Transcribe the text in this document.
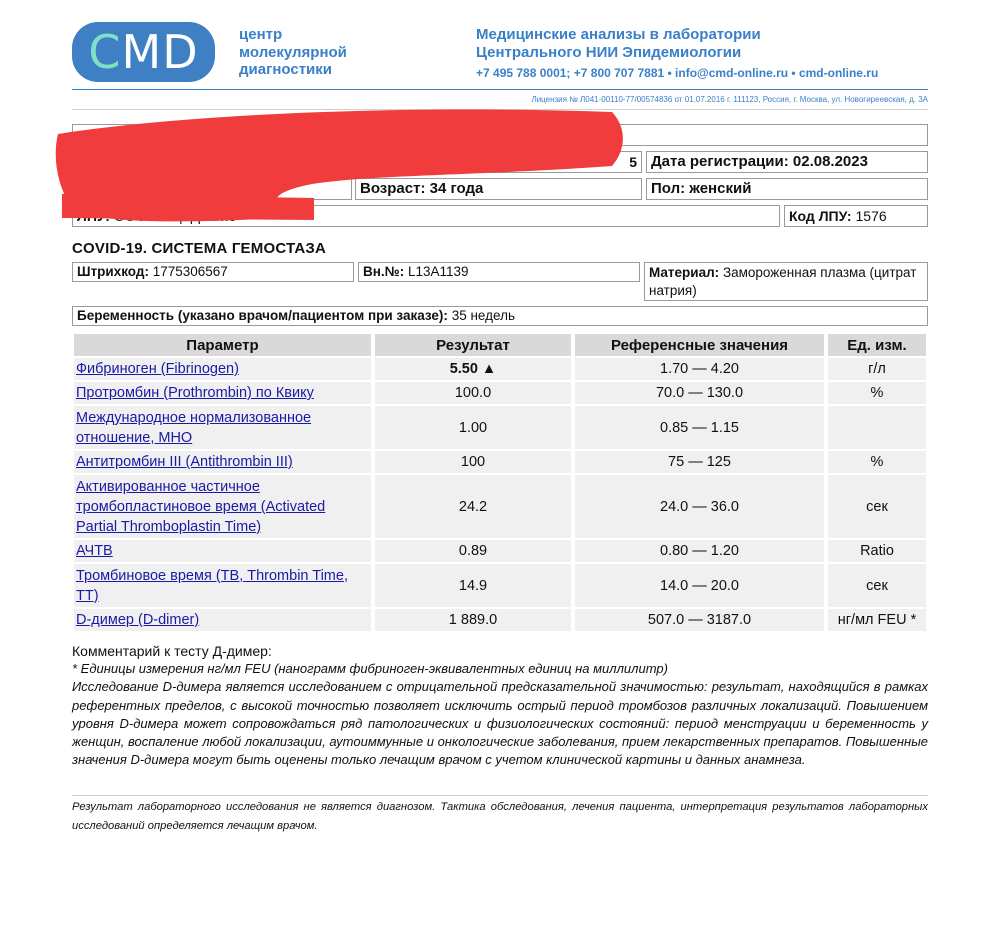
CMD	центр
молекулярной
диагностики
Медицинские анализы в лаборатории
Центрального НИИ Эпидемиологии
+7 495 788 0001; +7 800 707 7881 • info@cmd-online.ru • cmd-online.ru
Лицензия № Л041-00110-77/00574836 от 01.07.2016 г. 111123, Россия, г. Москва, ул. Новогиреевская, д. 3А
5 Дата регистрации: 02.08.2023
Возраст: 34 года	Пол: женский
Код ЛПУ: 1576
COVID-19. СИСТЕМА ГЕМОСТАЗА
Штрихкод: 1775306567	Вн.№: L13A1139	Материал: Замороженная плазма (цитрат натрия)
Беременность (указано врачом/пациентом при заказе): 35 недель
Параметр	Результат	Референсные значения	Ед. изм.
Фибриноген (Fibrinogen)	5.50 ▲	1.70 — 4.20	г/л
Протромбин (Prothrombin) по Квику	100.0	70.0 — 130.0	%
Международное нормализованное
отношение, МНО	1.00	0.85 — 1.15	
Антитромбин III (Antithrombin III)	100	75 — 125	%
Активированное частичное
тромбопластиновое время (Activated
Partial Thromboplastin Time)	24.2	24.0 — 36.0	сек
АЧТВ	0.89	0.80 — 1.20	Ratio
Тромбиновое время (ТВ, Thrombin Time,
ТТ)	14.9	14.0 — 20.0	сек
D-димер (D-dimer)	1 889.0	507.0 — 3187.0	нг/мл FEU *
Комментарий к тесту Д-димер:
* Единицы измерения нг/мл FEU (нанограмм фибриноген-эквивалентных единиц на миллилитр)
Исследование D-димера является исследованием с отрицательной предсказательной значимостью: результат, находящийся в рамках референтных пределов, с высокой точностью позволяет исключить острый период тромбозов различных локализаций. Повышением уровня D-димера может сопровождаться ряд патологических и физиологических состояний: период менструации и беременность у женщин, воспаление любой локализации, аутоиммунные и онкологические заболевания, прием лекарственных препаратов. Повышенные значения D-димера могут быть оценены только лечащим врачом с учетом клинической картины и данных анамнеза.
Результат лабораторного исследования не является диагнозом. Тактика обследования, лечения пациента, интерпретация результатов лабораторных исследований определяется лечащим врачом.
